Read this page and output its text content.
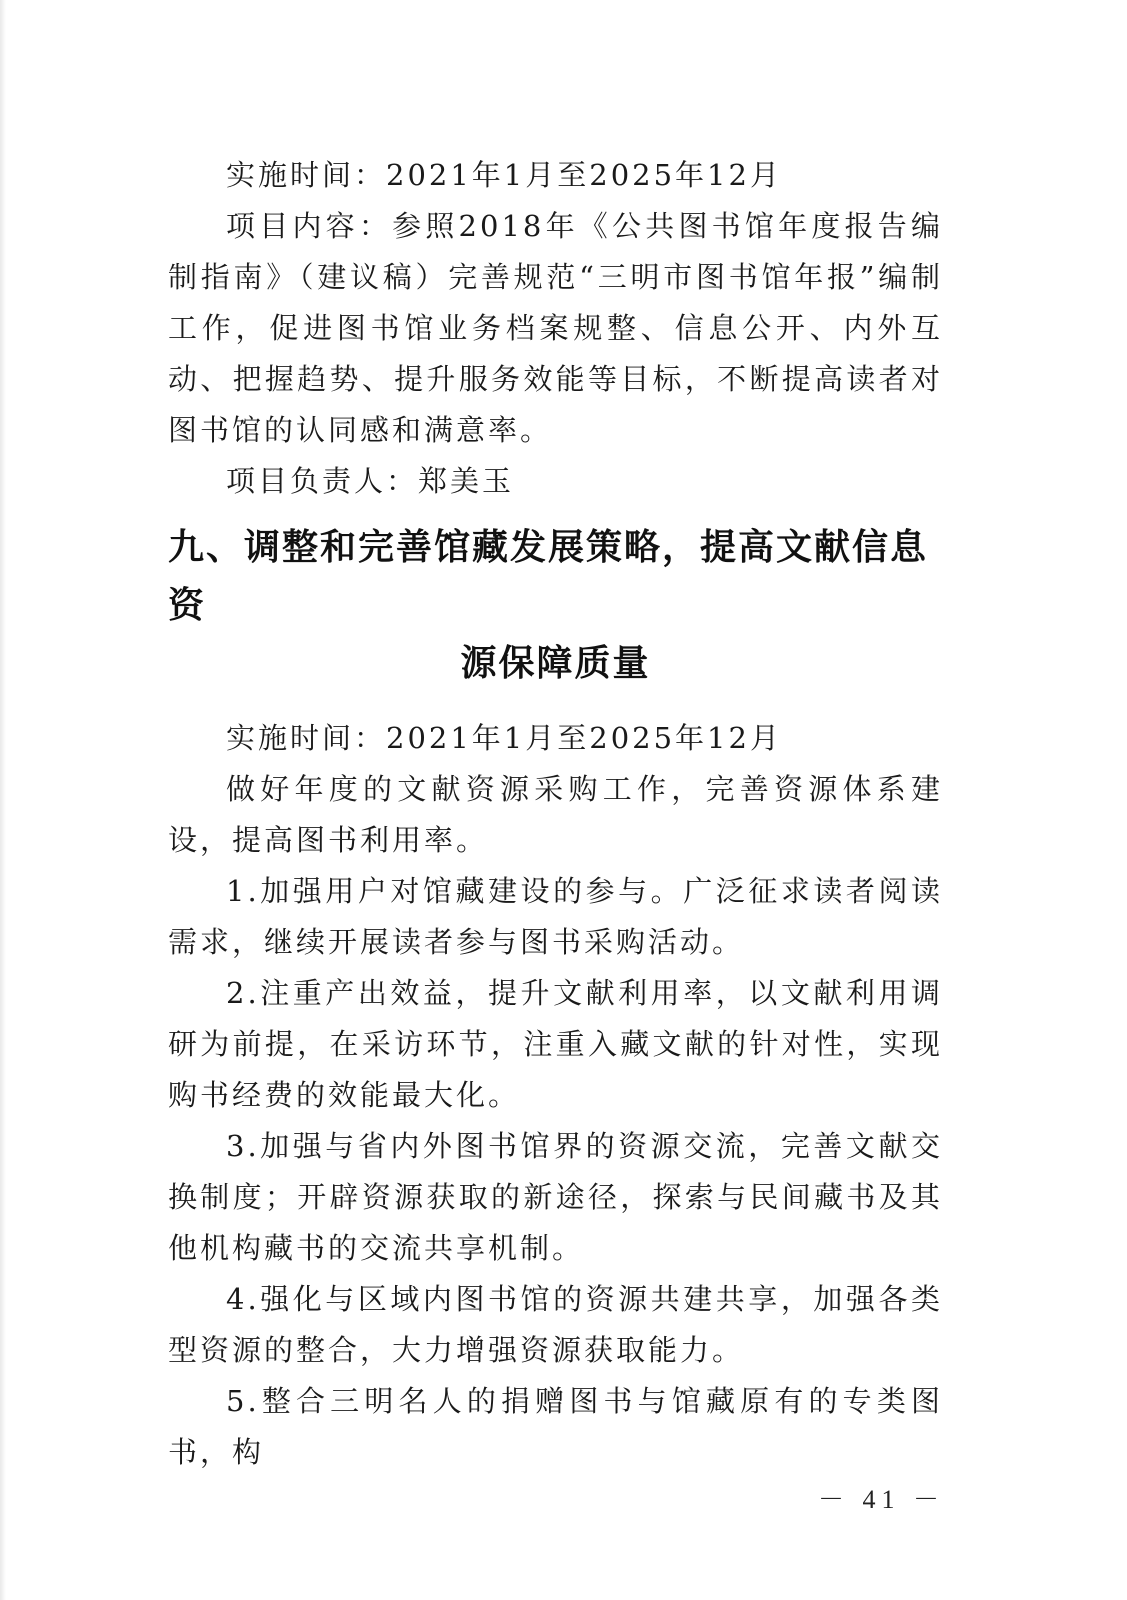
实施时间：2021年1月至2025年12月

项目内容：参照2018年《公共图书馆年度报告编制指南》（建议稿）完善规范“三明市图书馆年报”编制工作，促进图书馆业务档案规整、信息公开、内外互动、把握趋势、提升服务效能等目标，不断提高读者对图书馆的认同感和满意率。

项目负责人：郑美玉

九、调整和完善馆藏发展策略，提高文献信息资
源保障质量

实施时间：2021年1月至2025年12月

做好年度的文献资源采购工作，完善资源体系建设，提高图书利用率。

1.加强用户对馆藏建设的参与。广泛征求读者阅读需求，继续开展读者参与图书采购活动。

2.注重产出效益，提升文献利用率，以文献利用调研为前提，在采访环节，注重入藏文献的针对性，实现购书经费的效能最大化。

3.加强与省内外图书馆界的资源交流，完善文献交换制度；开辟资源获取的新途径，探索与民间藏书及其他机构藏书的交流共享机制。

4.强化与区域内图书馆的资源共建共享，加强各类型资源的整合，大力增强资源获取能力。

5.整合三明名人的捐赠图书与馆藏原有的专类图书，构

－ 41 －
